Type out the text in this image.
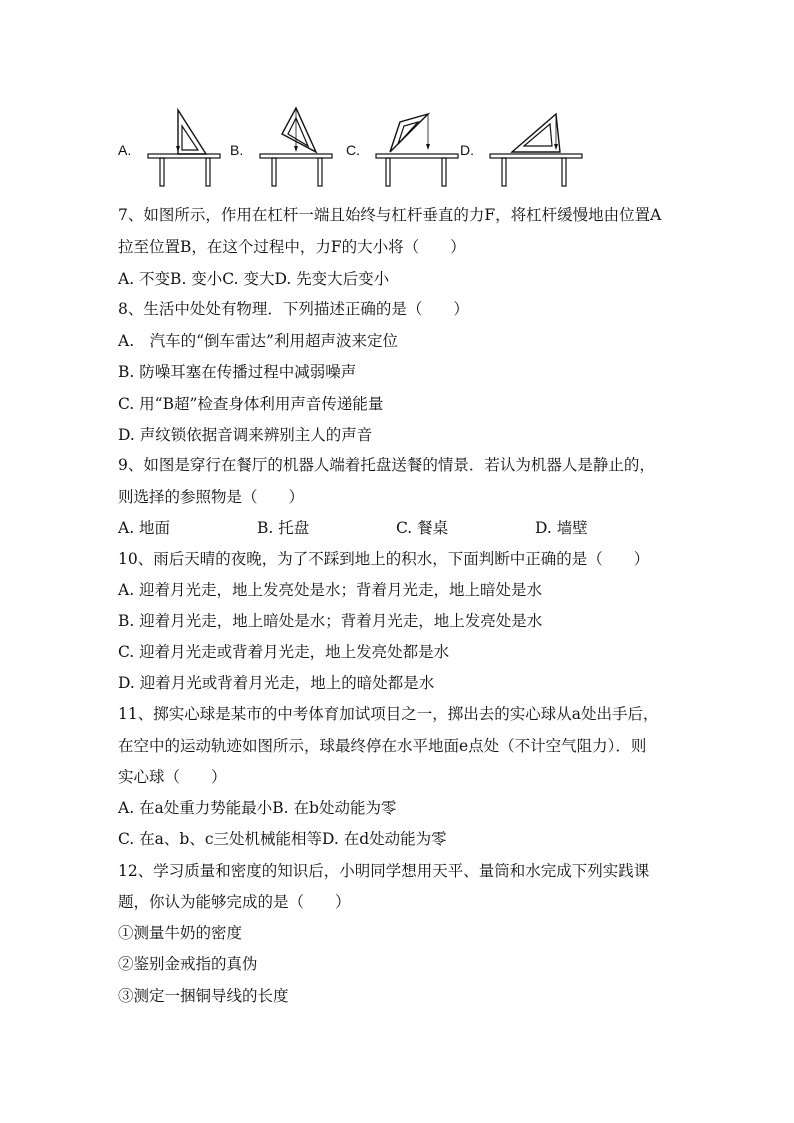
A.	B.	C.	D.
7、如图所示，作用在杠杆一端且始终与杠杆垂直的力F，将杠杆缓慢地由位置A
拉至位置B，在这个过程中，力F的大小将（　　）
A. 不变B. 变小C. 变大D. 先变大后变小
8、生活中处处有物理．下列描述正确的是（　　）
A.　汽车的“倒车雷达”利用超声波来定位
B. 防噪耳塞在传播过程中减弱噪声
C. 用“B超”检查身体利用声音传递能量
D. 声纹锁依据音调来辨别主人的声音
9、如图是穿行在餐厅的机器人端着托盘送餐的情景．若认为机器人是静止的，
则选择的参照物是（　　）
A. 地面	B. 托盘	C. 餐桌	D. 墙壁
10、雨后天晴的夜晚，为了不踩到地上的积水，下面判断中正确的是（　　）
A. 迎着月光走，地上发亮处是水；背着月光走，地上暗处是水
B. 迎着月光走，地上暗处是水；背着月光走，地上发亮处是水
C. 迎着月光走或背着月光走，地上发亮处都是水
D. 迎着月光或背着月光走，地上的暗处都是水
11、掷实心球是某市的中考体育加试项目之一，掷出去的实心球从a处出手后，
在空中的运动轨迹如图所示，球最终停在水平地面e点处（不计空气阻力）．则
实心球（　　）
A. 在a处重力势能最小B. 在b处动能为零
C. 在a、b、c三处机械能相等D. 在d处动能为零
12、学习质量和密度的知识后，小明同学想用天平、量筒和水完成下列实践课
题，你认为能够完成的是（　　）
①测量牛奶的密度
②鉴别金戒指的真伪
③测定一捆铜导线的长度
